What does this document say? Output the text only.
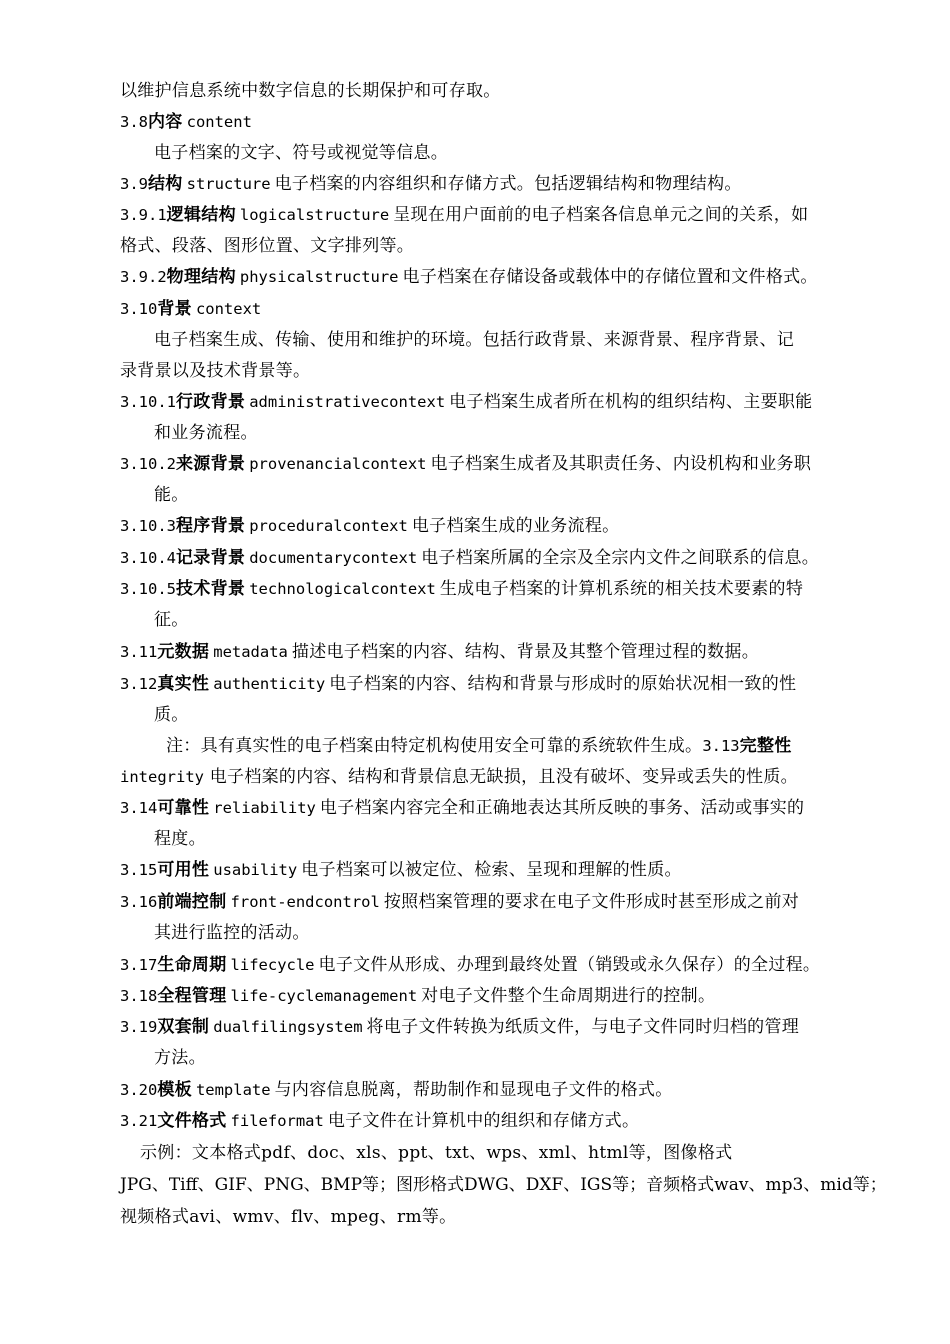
以维护信息系统中数字信息的长期保护和可存取。
3.8内容 content
电子档案的文字、符号或视觉等信息。
3.9结构 structure 电子档案的内容组织和存储方式。包括逻辑结构和物理结构。
3.9.1逻辑结构 logicalstructure 呈现在用户面前的电子档案各信息单元之间的关系，如
格式、段落、图形位置、文字排列等。
3.9.2物理结构 physicalstructure 电子档案在存储设备或载体中的存储位置和文件格式。
3.10背景 context
电子档案生成、传输、使用和维护的环境。包括行政背景、来源背景、程序背景、记
录背景以及技术背景等。
3.10.1行政背景 administrativecontext 电子档案生成者所在机构的组织结构、主要职能
和业务流程。
3.10.2来源背景 provenancialcontext 电子档案生成者及其职责任务、内设机构和业务职
能。
3.10.3程序背景 proceduralcontext 电子档案生成的业务流程。
3.10.4记录背景 documentarycontext 电子档案所属的全宗及全宗内文件之间联系的信息。
3.10.5技术背景 technologicalcontext 生成电子档案的计算机系统的相关技术要素的特
征。
3.11元数据 metadata 描述电子档案的内容、结构、背景及其整个管理过程的数据。
3.12真实性 authenticity 电子档案的内容、结构和背景与形成时的原始状况相一致的性
质。
注：具有真实性的电子档案由特定机构使用安全可靠的系统软件生成。3.13完整性
integrity 电子档案的内容、结构和背景信息无缺损，且没有破坏、变异或丢失的性质。
3.14可靠性 reliability 电子档案内容完全和正确地表达其所反映的事务、活动或事实的
程度。
3.15可用性 usability 电子档案可以被定位、检索、呈现和理解的性质。
3.16前端控制 front-endcontrol 按照档案管理的要求在电子文件形成时甚至形成之前对
其进行监控的活动。
3.17生命周期 lifecycle 电子文件从形成、办理到最终处置（销毁或永久保存）的全过程。
3.18全程管理 life-cyclemanagement 对电子文件整个生命周期进行的控制。
3.19双套制 dualfilingsystem 将电子文件转换为纸质文件，与电子文件同时归档的管理
方法。
3.20模板 template 与内容信息脱离，帮助制作和显现电子文件的格式。
3.21文件格式 fileformat 电子文件在计算机中的组织和存储方式。
示例：文本格式pdf、doc、xls、ppt、txt、wps、xml、html等，图像格式
JPG、Tiff、GIF、PNG、BMP等；图形格式DWG、DXF、IGS等；音频格式wav、mp3、mid等；
视频格式avi、wmv、flv、mpeg、rm等。
